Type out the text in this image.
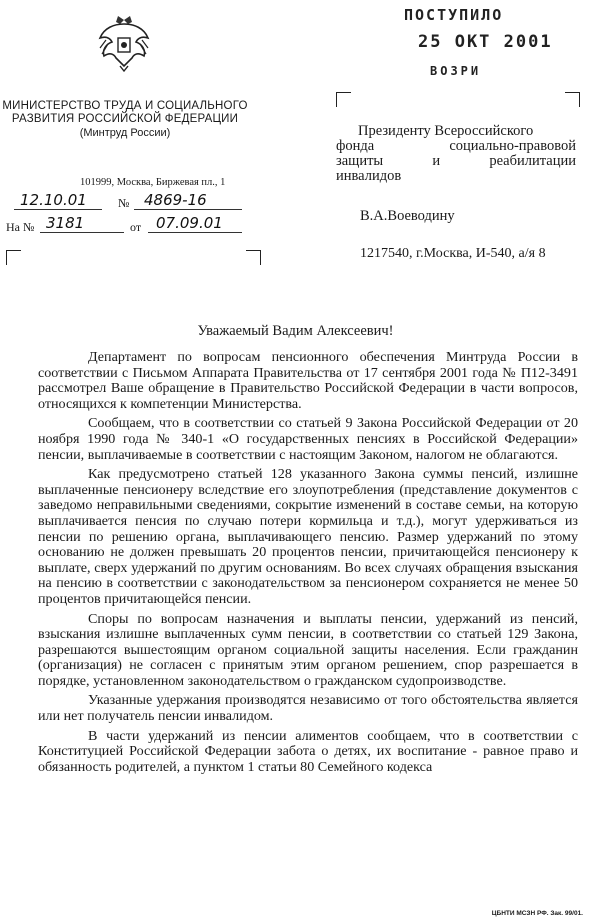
ПОСТУПИЛО
25 ОКТ 2001
ВОЗРИ
МИНИСТЕРСТВО ТРУДА И СОЦИАЛЬНОГО
РАЗВИТИЯ РОССИЙСКОЙ ФЕДЕРАЦИИ
(Минтруд России)
101999, Москва, Биржевая пл., 1
12.10.01	№ 4869-16
На № 3181	от 07.09.01
Президенту Всероссийского
фонда	социально-правовой
защиты	и	реабилитации
инвалидов
В.А.Воеводину
1217540, г.Москва, И-540, а/я 8
Уважаемый Вадим Алексеевич!

Департамент по вопросам пенсионного обеспечения Минтруда России в соответствии с Письмом Аппарата Правительства от 17 сентября 2001 года № П12-3491 рассмотрел Ваше обращение в Правительство Российской Федерации в части вопросов, относящихся к компетенции Министерства.

Сообщаем, что в соответствии со статьей 9 Закона Российской Федерации от 20 ноября 1990 года № 340-1 «О государственных пенсиях в Российской Федерации» пенсии, выплачиваемые в соответствии с настоящим Законом, налогом не облагаются.

Как предусмотрено статьей 128 указанного Закона суммы пенсий, излишне выплаченные пенсионеру вследствие его злоупотребления (представление документов с заведомо неправильными сведениями, сокрытие изменений в составе семьи, на которую выплачивается пенсия по случаю потери кормильца и т.д.), могут удерживаться из пенсии по решению органа, выплачивающего пенсию. Размер удержаний по этому основанию не должен превышать 20 процентов пенсии, причитающейся пенсионеру к выплате, сверх удержаний по другим основаниям. Во всех случаях обращения взыскания на пенсию в соответствии с законодательством за пенсионером сохраняется не менее 50 процентов причитающейся пенсии.

Споры по вопросам назначения и выплаты пенсии, удержаний из пенсий, взыскания излишне выплаченных сумм пенсии, в соответствии со статьей 129 Закона, разрешаются вышестоящим органом социальной защиты населения. Если гражданин (организация) не согласен с принятым этим органом решением, спор разрешается в порядке, установленном законодательством о гражданском судопроизводстве.

Указанные удержания производятся независимо от того обстоятельства является или нет получатель пенсии инвалидом.

В части удержаний из пенсии алиментов сообщаем, что в соответствии с Конституцией Российской Федерации забота о детях, их воспитание - равное право и обязанность родителей, а пунктом 1 статьи 80 Семейного кодекса

ЦБНТИ МСЗН РФ. Зак. 99/01.
